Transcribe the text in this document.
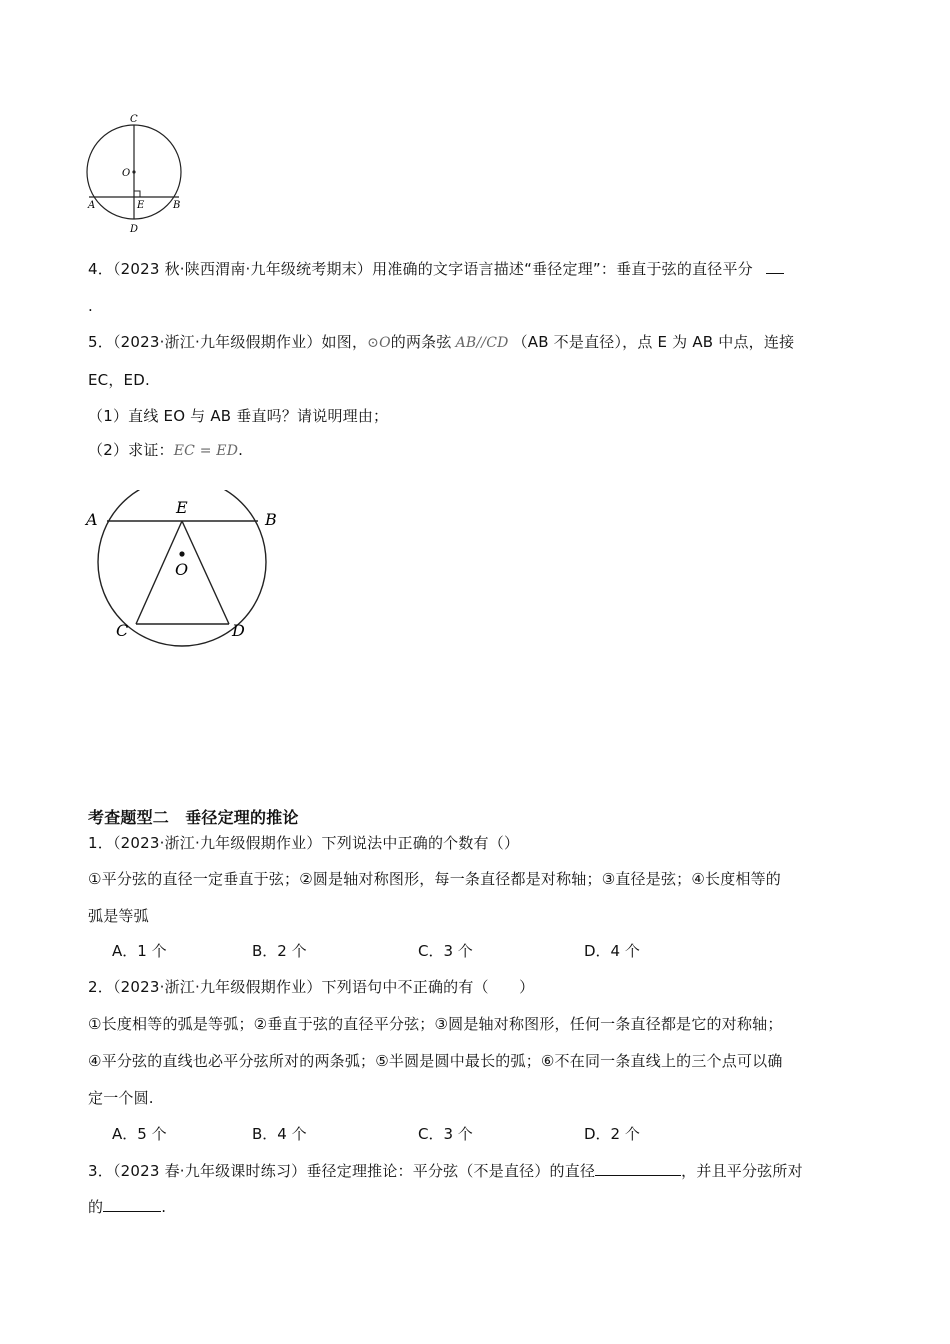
C
O
A	E	B
D
4．（2023 秋·陕西渭南·九年级统考期末）用准确的文字语言描述“垂径定理”：垂直于弦的直径平分
.
5．（2023·浙江·九年级假期作业）如图，⊙O的两条弦 AB//CD （AB 不是直径），点 E 为 AB 中点，连接
EC，ED.
（1）直线 EO 与 AB 垂直吗？请说明理由；
（2）求证：EC = ED.
A
E
B
O
C	D
考查题型二　垂径定理的推论
1．（2023·浙江·九年级假期作业）下列说法中正确的个数有（）
①平分弦的直径一定垂直于弦；②圆是轴对称图形，每一条直径都是对称轴；③直径是弦；④长度相等的
弧是等弧
A．1 个	B．2 个	C．3 个	D．4 个
2．（2023·浙江·九年级假期作业）下列语句中不正确的有（　　）
①长度相等的弧是等弧；②垂直于弦的直径平分弦；③圆是轴对称图形，任何一条直径都是它的对称轴；
④平分弦的直线也必平分弦所对的两条弧；⑤半圆是圆中最长的弧；⑥不在同一条直线上的三个点可以确
定一个圆.
A．5 个	B．4 个	C．3 个	D．2 个
3．（2023 春·九年级课时练习）垂径定理推论：平分弦（不是直径）的直径	，并且平分弦所对
的	.
